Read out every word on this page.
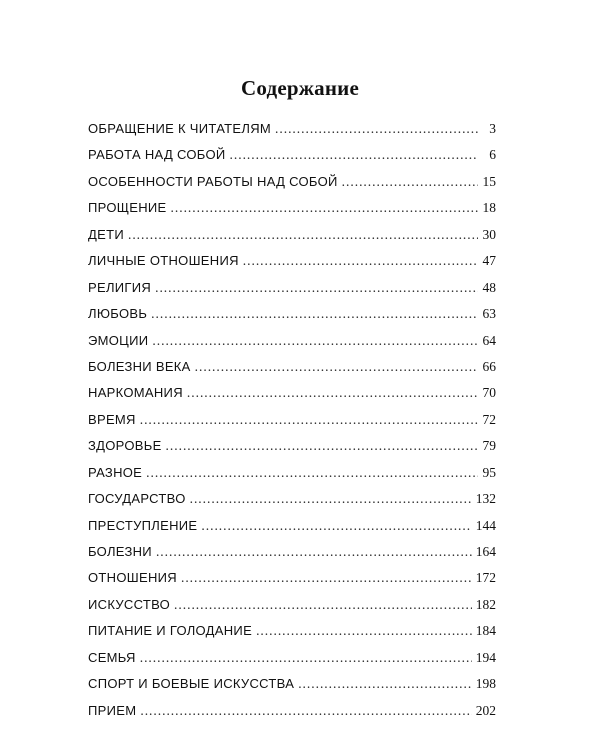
Содержание
ОБРАЩЕНИЕ К ЧИТАТЕЛЯМ . . .	3
РАБОТА НАД СОБОЙ . . .	6
ОСОБЕННОСТИ РАБОТЫ НАД СОБОЙ . . .	15
ПРОЩЕНИЕ . . .	18
ДЕТИ . . .	30
ЛИЧНЫЕ ОТНОШЕНИЯ . . .	47
РЕЛИГИЯ . . .	48
ЛЮБОВЬ . . .	63
ЭМОЦИИ . . .	64
БОЛЕЗНИ ВЕКА . . .	66
НАРКОМАНИЯ . . .	70
ВРЕМЯ . . .	72
ЗДОРОВЬЕ . . .	79
РАЗНОЕ . . .	95
ГОСУДАРСТВО . . .	132
ПРЕСТУПЛЕНИЕ . . .	144
БОЛЕЗНИ . . .	164
ОТНОШЕНИЯ . . .	172
ИСКУССТВО . . .	182
ПИТАНИЕ И ГОЛОДАНИЕ . . .	184
СЕМЬЯ . . .	194
СПОРТ И БОЕВЫЕ ИСКУССТВА . . .	198
ПРИЕМ . . .	202
